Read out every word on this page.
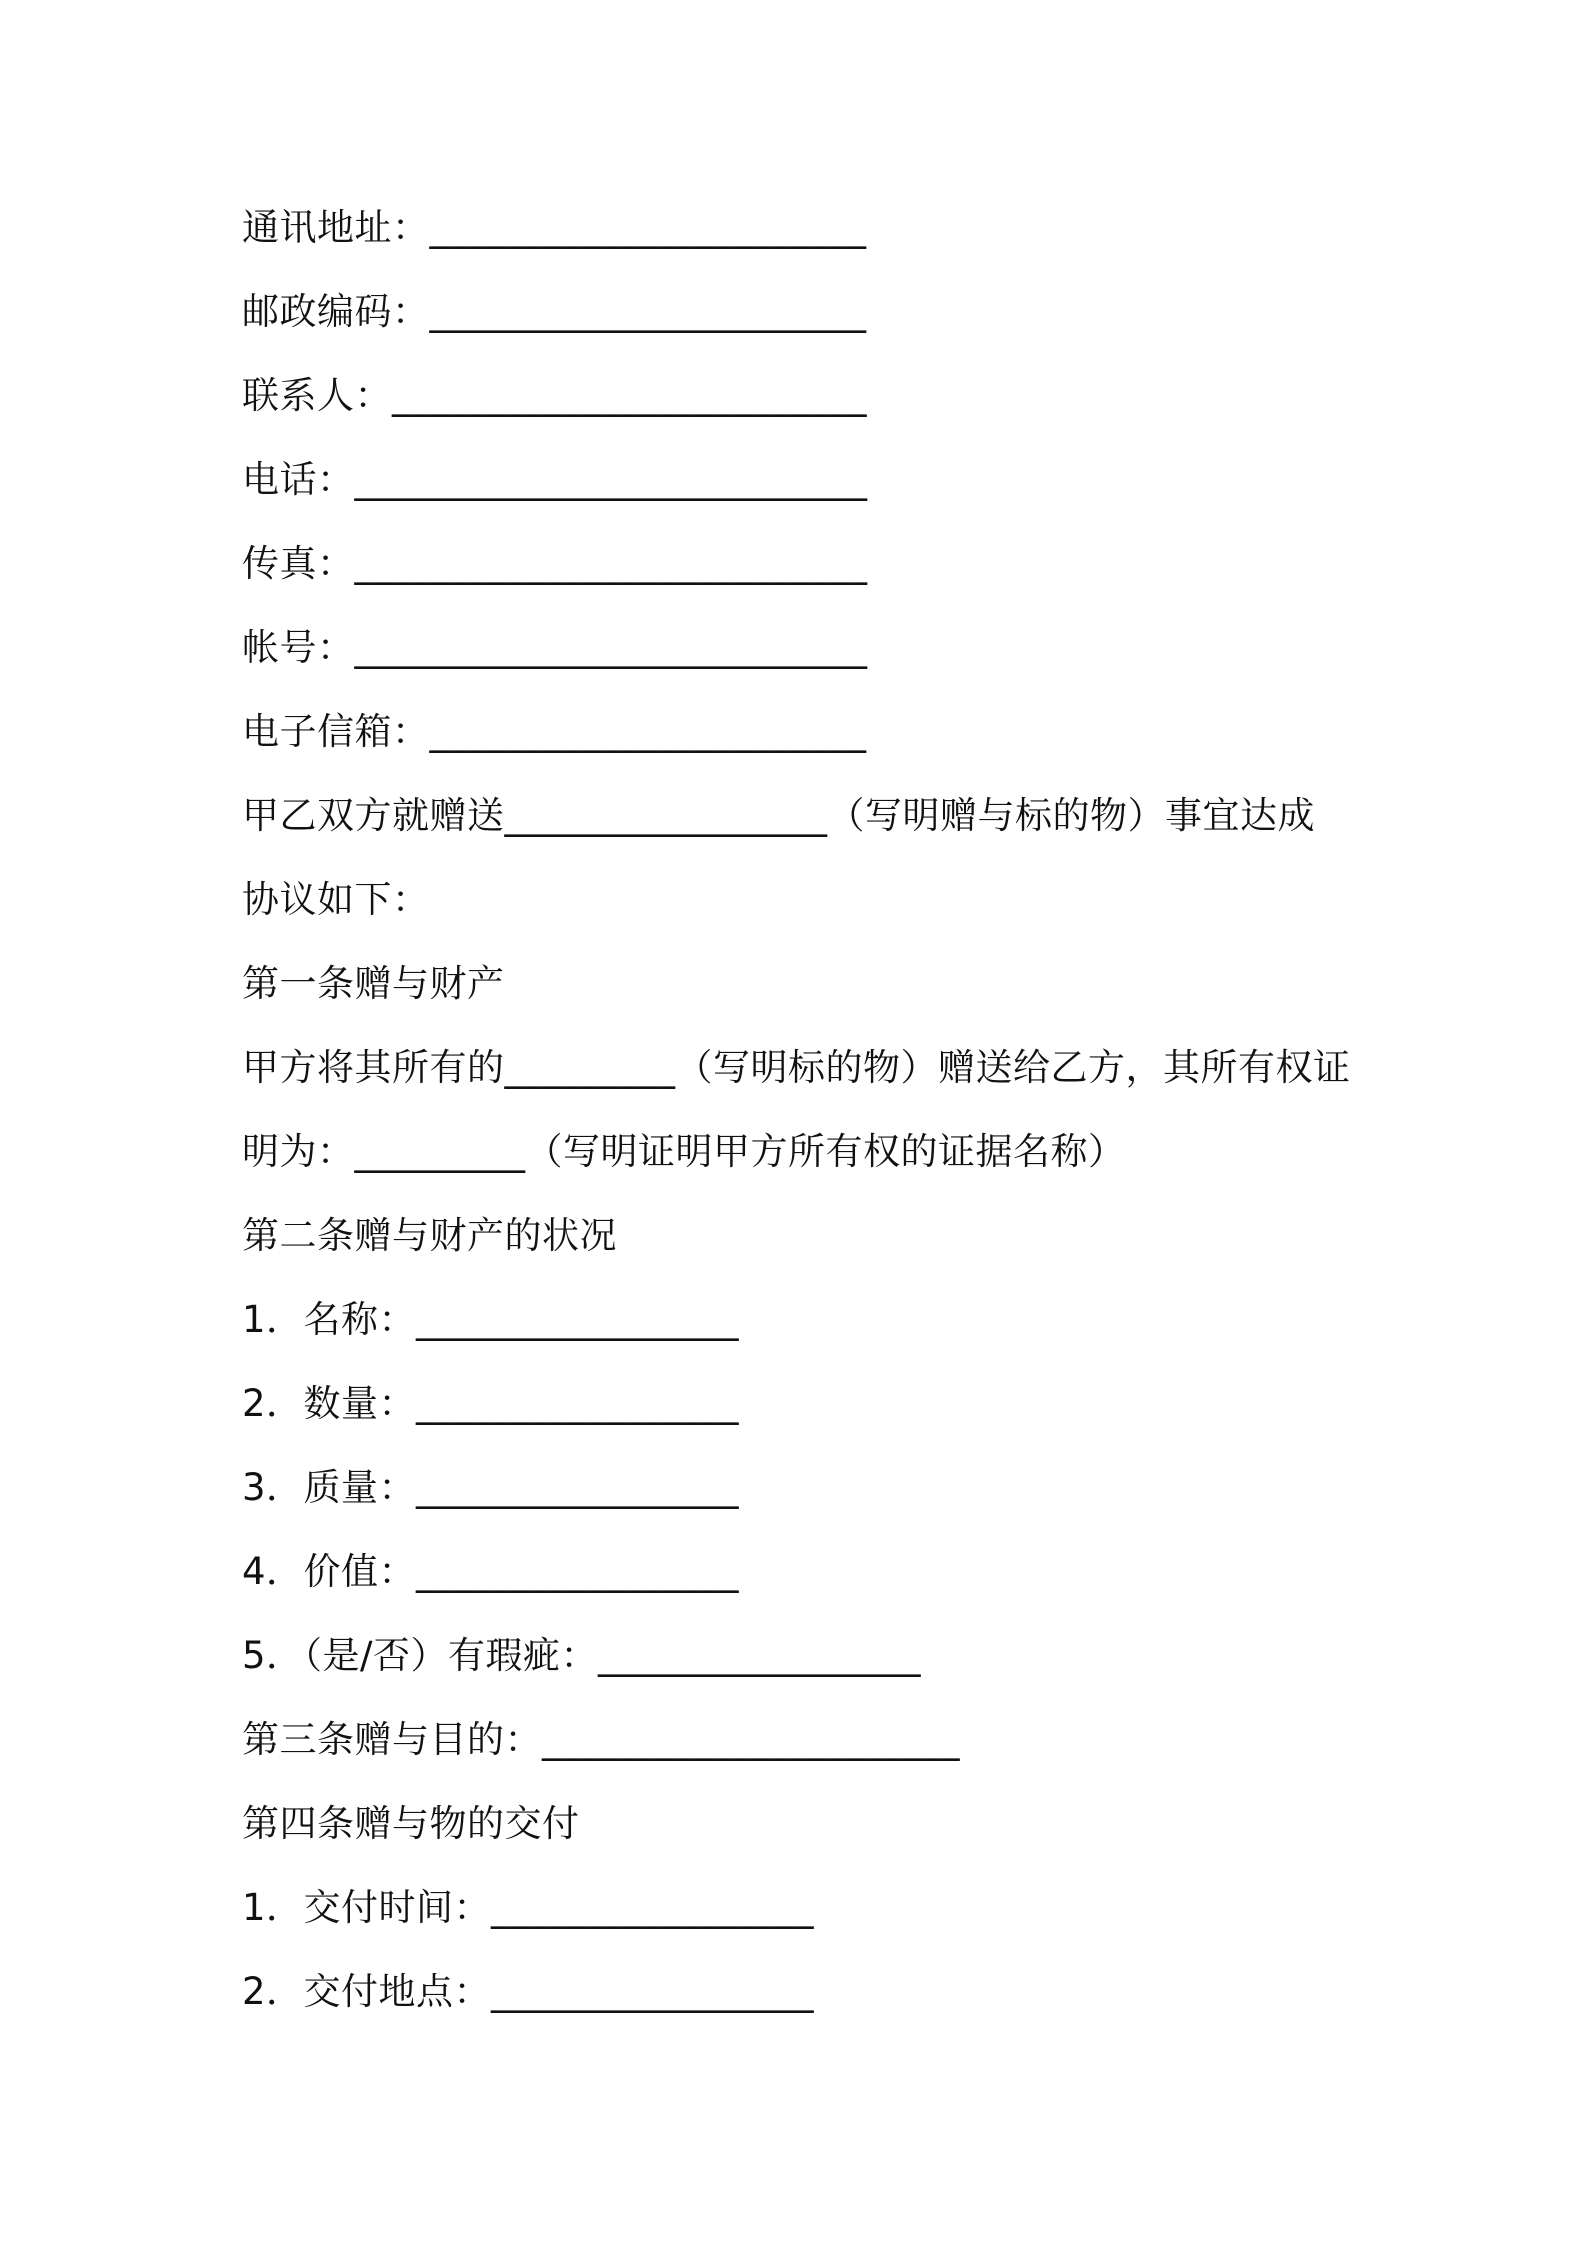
通讯地址：_______________________
邮政编码：_______________________
联系人：_________________________
电话：___________________________
传真：___________________________
帐号：___________________________
电子信箱：_______________________
甲乙双方就赠送_________________（写明赠与标的物）事宜达成
协议如下：
第一条赠与财产
甲方将其所有的_________（写明标的物）赠送给乙方，其所有权证
明为：_________（写明证明甲方所有权的证据名称）
第二条赠与财产的状况
1．名称：_________________
2．数量：_________________
3．质量：_________________
4．价值：_________________
5．（是/否）有瑕疵：_________________
第三条赠与目的：______________________
第四条赠与物的交付
1．交付时间：_________________
2．交付地点：_________________
